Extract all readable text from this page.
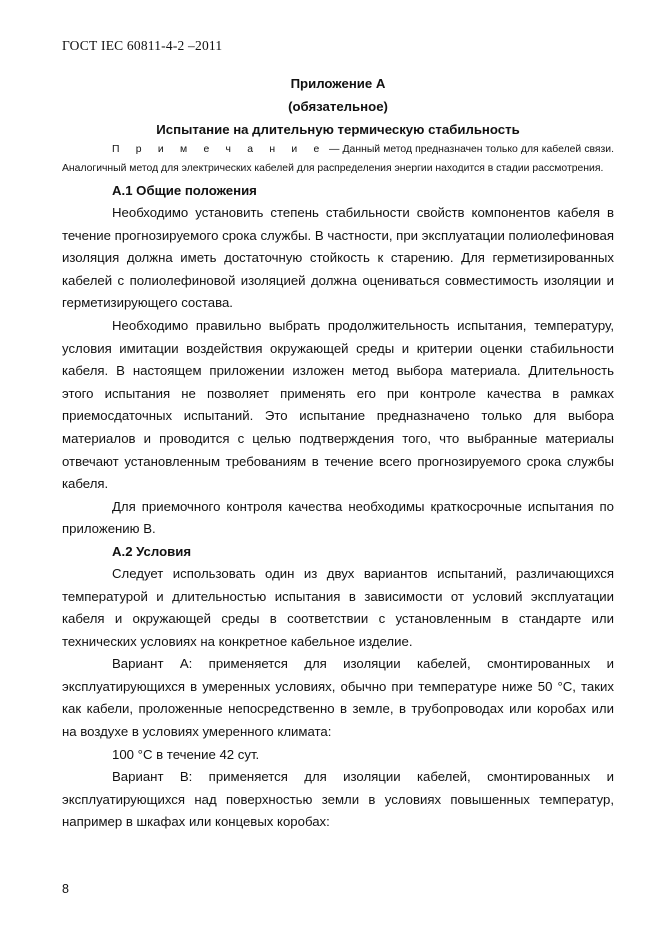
ГОСТ IEC 60811-4-2 –2011
Приложение А
(обязательное)
Испытание на длительную термическую стабильность

П р и м е ч а н и е — Данный метод предназначен только для кабелей связи. Аналогичный метод для электрических кабелей для распределения энергии находится в стадии рассмотрения.

А.1 Общие положения

Необходимо установить степень стабильности свойств компонентов кабеля в течение прогнозируемого срока службы. В частности, при эксплуатации полиолефиновая изоляция должна иметь достаточную стойкость к старению. Для герметизированных кабелей с полиолефиновой изоляцией должна оцениваться совместимость изоляции и герметизирующего состава.

Необходимо правильно выбрать продолжительность испытания, температуру, условия имитации воздействия окружающей среды и критерии оценки стабильности кабеля. В настоящем приложении изложен метод выбора материала. Длительность этого испытания не позволяет применять его при контроле качества в рамках приемосдаточных испытаний. Это испытание предназначено только для выбора материалов и проводится с целью подтверждения того, что выбранные материалы отвечают установленным требованиям в течение всего прогнозируемого срока службы кабеля.

Для приемочного контроля качества необходимы краткосрочные испытания по приложению В.

А.2 Условия

Следует использовать один из двух вариантов испытаний, различающихся температурой и длительностью испытания в зависимости от условий эксплуатации кабеля и окружающей среды в соответствии с установленным в стандарте или технических условиях на конкретное кабельное изделие.

Вариант А: применяется для изоляции кабелей, смонтированных и эксплуатирующихся в умеренных условиях, обычно при температуре ниже 50 °С, таких как кабели, проложенные непосредственно в земле, в трубопроводах или коробах или на воздухе в условиях умеренного климата:

100 °С в течение 42 сут.

Вариант В: применяется для изоляции кабелей, смонтированных и эксплуатирующихся над поверхностью земли в условиях повышенных температур, например в шкафах или концевых коробах:

8
